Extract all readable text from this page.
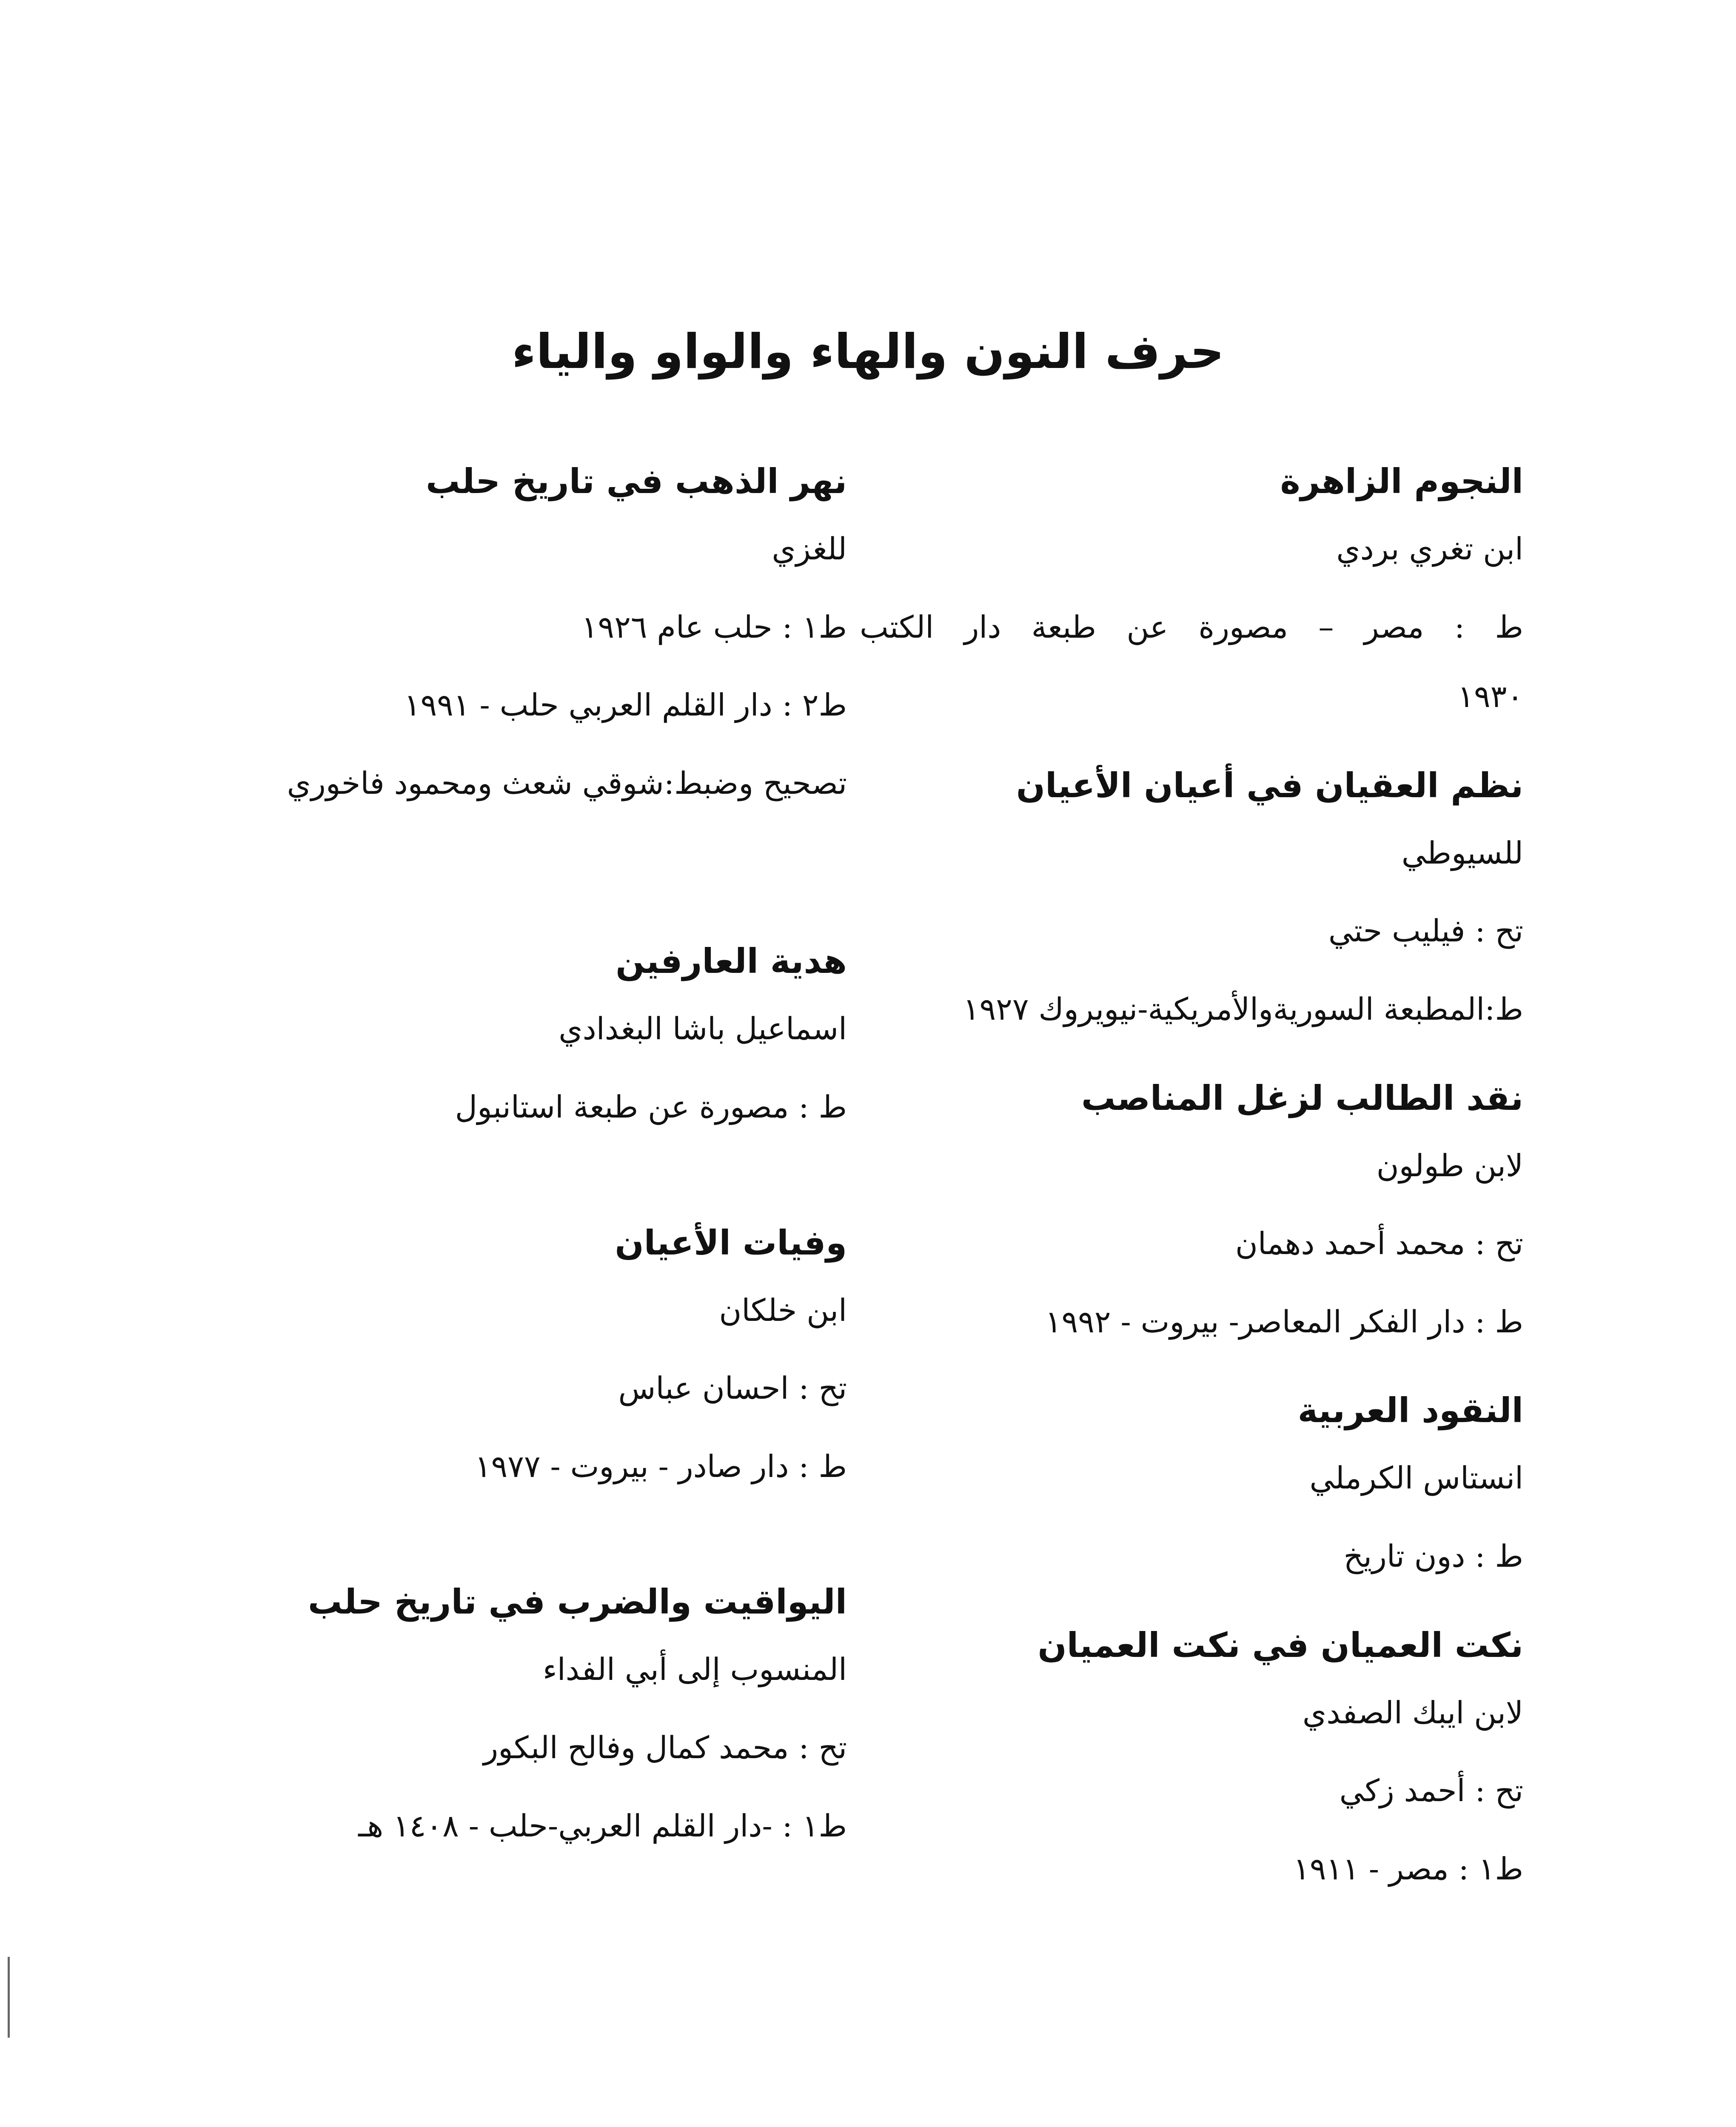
حرف النون والهاء والواو والياء

النجوم الزاهرة

ابن تغري بردي

ط : مصر – مصورة عن طبعة دار الكتب

١٩٣٠

نظم العقيان في أعيان الأعيان

للسيوطي

تح : فيليب حتي

ط:المطبعة السوريةوالأمريكية-نيويروك ١٩٢٧

نقد الطالب لزغل المناصب

لابن طولون

تح : محمد أحمد دهمان

ط : دار الفكر المعاصر- بيروت - ١٩٩٢

النقود العربية

انستاس الكرملي

ط : دون تاريخ

نكت العميان في نكت العميان

لابن ايبك الصفدي

تح : أحمد زكي

ط١ : مصر - ١٩١١

نهر الذهب في تاريخ حلب

للغزي

ط١ : حلب عام ١٩٢٦

ط٢ : دار القلم العربي حلب - ١٩٩١

تصحيح وضبط:شوقي شعث ومحمود فاخوري

هدية العارفين

اسماعيل باشا البغدادي

ط : مصورة عن طبعة استانبول

وفيات الأعيان

ابن خلكان

تح : احسان عباس

ط : دار صادر - بيروت - ١٩٧٧

اليواقيت والضرب في تاريخ حلب

المنسوب إلى أبي الفداء

تح : محمد كمال وفالح البكور

ط١ : -دار القلم العربي-حلب - ١٤٠٨ هـ
